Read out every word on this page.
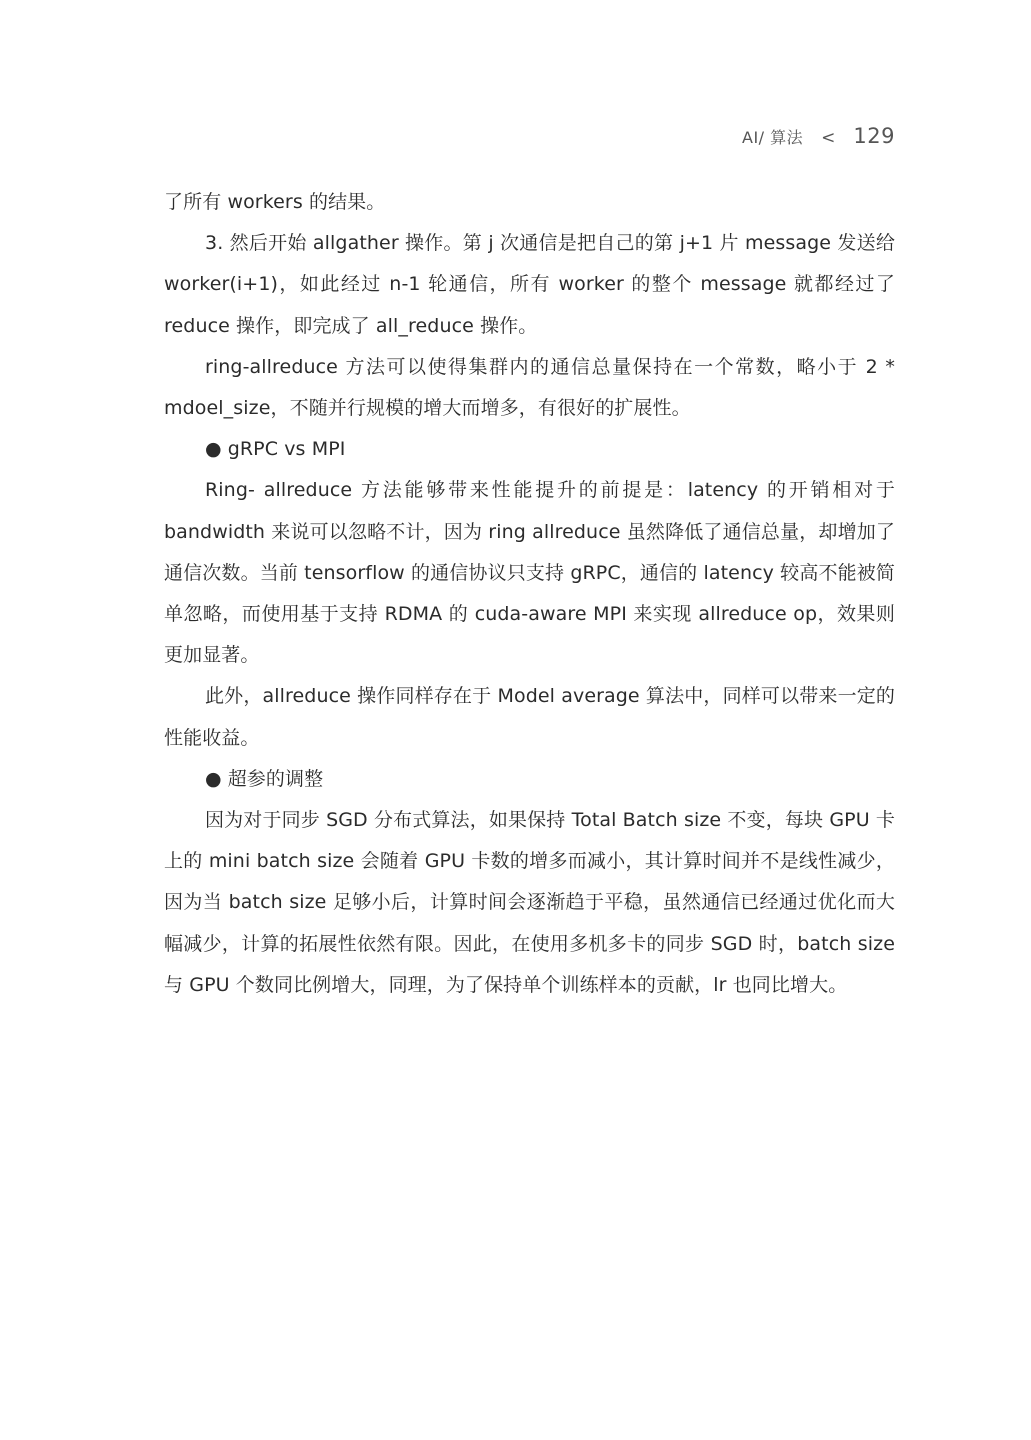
AI/ 算法 < 129

了所有 workers 的结果。

3. 然后开始 allgather 操作。第 j 次通信是把自己的第 j+1 片 message 发送给 worker(i+1)，如此经过 n-1 轮通信，所有 worker 的整个 message 就都经过了 reduce 操作，即完成了 all_reduce 操作。

ring-allreduce 方法可以使得集群内的通信总量保持在一个常数，略小于 2 * mdoel_size，不随并行规模的增大而增多，有很好的扩展性。

● gRPC vs MPI

Ring- allreduce 方法能够带来性能提升的前提是：latency 的开销相对于 bandwidth 来说可以忽略不计，因为 ring allreduce 虽然降低了通信总量，却增加了通信次数。当前 tensorflow 的通信协议只支持 gRPC，通信的 latency 较高不能被简单忽略，而使用基于支持 RDMA 的 cuda-aware MPI 来实现 allreduce op，效果则更加显著。

此外，allreduce 操作同样存在于 Model average 算法中，同样可以带来一定的性能收益。

● 超参的调整

因为对于同步 SGD 分布式算法，如果保持 Total Batch size 不变，每块 GPU 卡上的 mini batch size 会随着 GPU 卡数的增多而减小，其计算时间并不是线性减少，因为当 batch size 足够小后，计算时间会逐渐趋于平稳，虽然通信已经通过优化而大幅减少，计算的拓展性依然有限。因此，在使用多机多卡的同步 SGD 时，batch size 与 GPU 个数同比例增大，同理，为了保持单个训练样本的贡献，lr 也同比增大。
